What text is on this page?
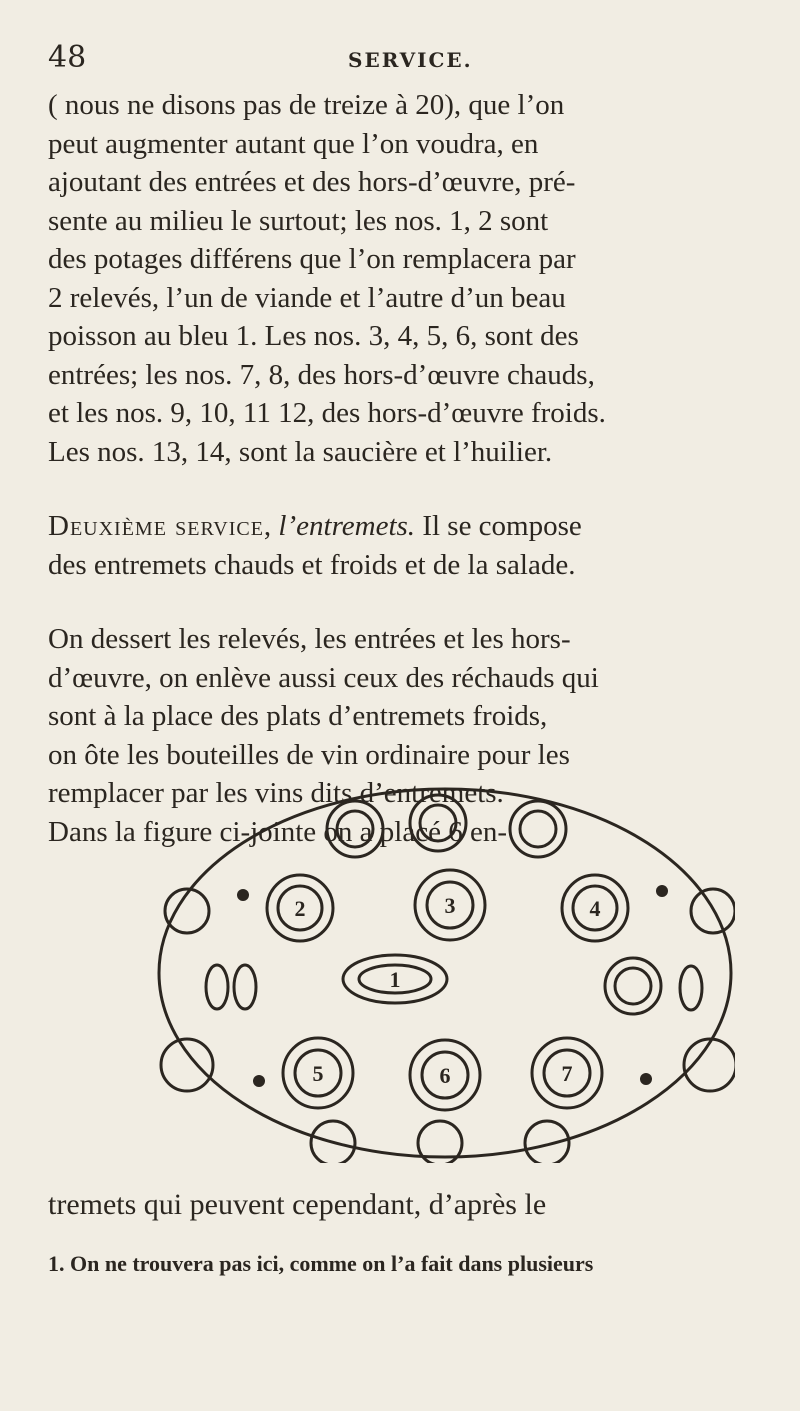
48	SERVICE.
( nous ne disons pas de treize à 20), que l’on
peut augmenter autant que l’on voudra, en
ajoutant des entrées et des hors-d’œuvre, pré-
sente au milieu le surtout; les nos. 1, 2 sont
des potages différens que l’on remplacera par
2 relevés, l’un de viande et l’autre d’un beau
poisson au bleu 1. Les nos. 3, 4, 5, 6, sont des
entrées; les nos. 7, 8, des hors-d’œuvre chauds,
et les nos. 9, 10, 11 12, des hors-d’œuvre froids.
Les nos. 13, 14, sont la saucière et l’huilier.
Deuxième service, l’entremets. Il se compose
des entremets chauds et froids et de la salade.
On dessert les relevés, les entrées et les hors-
d’œuvre, on enlève aussi ceux des réchauds qui
sont à la place des plats d’entremets froids,
on ôte les bouteilles de vin ordinaire pour les
remplacer par les vins dits d’entremets.
Dans la figure ci-jointe on a placé 6 en-
1
2	3	4
5	6	7
tremets qui peuvent cependant, d’après le
1. On ne trouvera pas ici, comme on l’a fait dans plusieurs
